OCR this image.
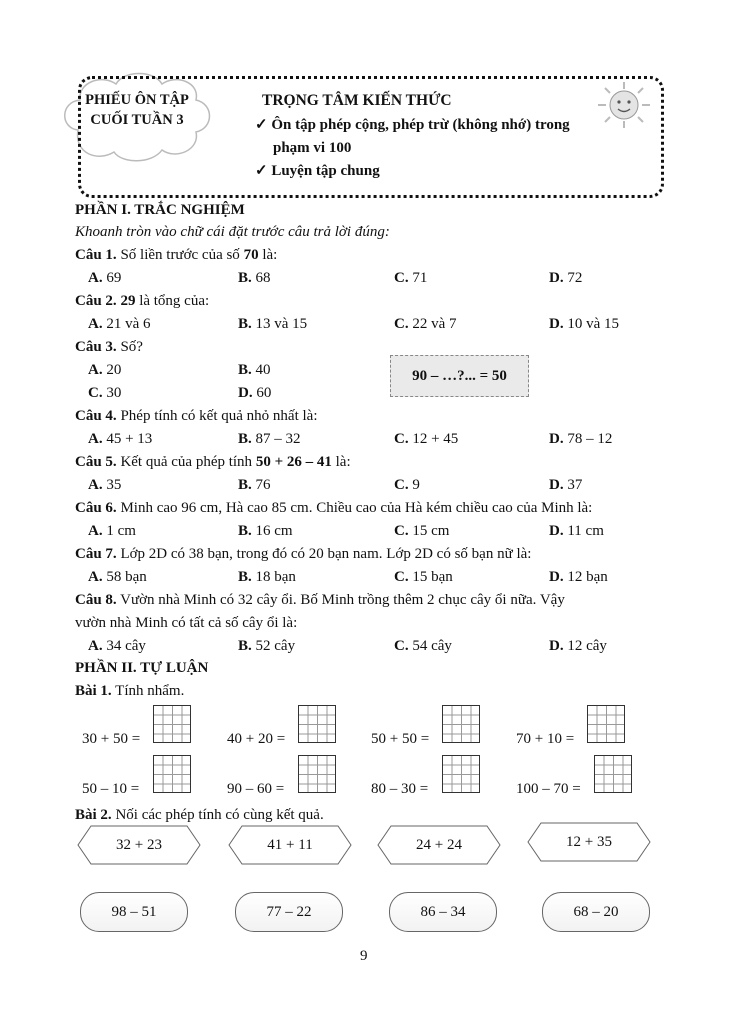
PHIẾU ÔN TẬP
CUỐI TUẦN 3
TRỌNG TÂM KIẾN THỨC
✓ Ôn tập phép cộng, phép trừ (không nhớ) trong
phạm vi 100
✓ Luyện tập chung
PHẦN I. TRẮC NGHIỆM
Khoanh tròn vào chữ cái đặt trước câu trả lời đúng:
Câu 1. Số liền trước của số 70 là:
A. 69	B. 68	C. 71	D. 72
Câu 2. 29 là tổng của:
A. 21 và 6	B. 13 và 15	C. 22 và 7	D. 10 và 15
Câu 3. Số?
A. 20	B. 40
C. 30	D. 60
90 – …?... = 50
Câu 4. Phép tính có kết quả nhỏ nhất là:
A. 45 + 13	B. 87 – 32	C. 12 + 45	D. 78 – 12
Câu 5. Kết quả của phép tính 50 + 26 – 41 là:
A. 35	B. 76	C. 9	D. 37
Câu 6. Minh cao 96 cm, Hà cao 85 cm. Chiều cao của Hà kém chiều cao của Minh là:
A. 1 cm	B. 16 cm	C. 15 cm	D. 11 cm
Câu 7. Lớp 2D có 38 bạn, trong đó có 20 bạn nam. Lớp 2D có số bạn nữ là:
A. 58 bạn	B. 18 bạn	C. 15 bạn	D. 12 bạn
Câu 8. Vườn nhà Minh có 32 cây ổi. Bố Minh trồng thêm 2 chục cây ổi nữa. Vậy
vườn nhà Minh có tất cả số cây ổi là:
A. 34 cây	B. 52 cây	C. 54 cây	D. 12 cây
PHẦN II. TỰ LUẬN
Bài 1. Tính nhẩm.
30 + 50 =	40 + 20 =	50 + 50 =	70 + 10 =
50 – 10 =	90 – 60 =	80 – 30 =	100 – 70 =
Bài 2. Nối các phép tính có cùng kết quả.
32 + 23	41 + 11	24 + 24	12 + 35
98 – 51	77 – 22	86 – 34	68 – 20
9
